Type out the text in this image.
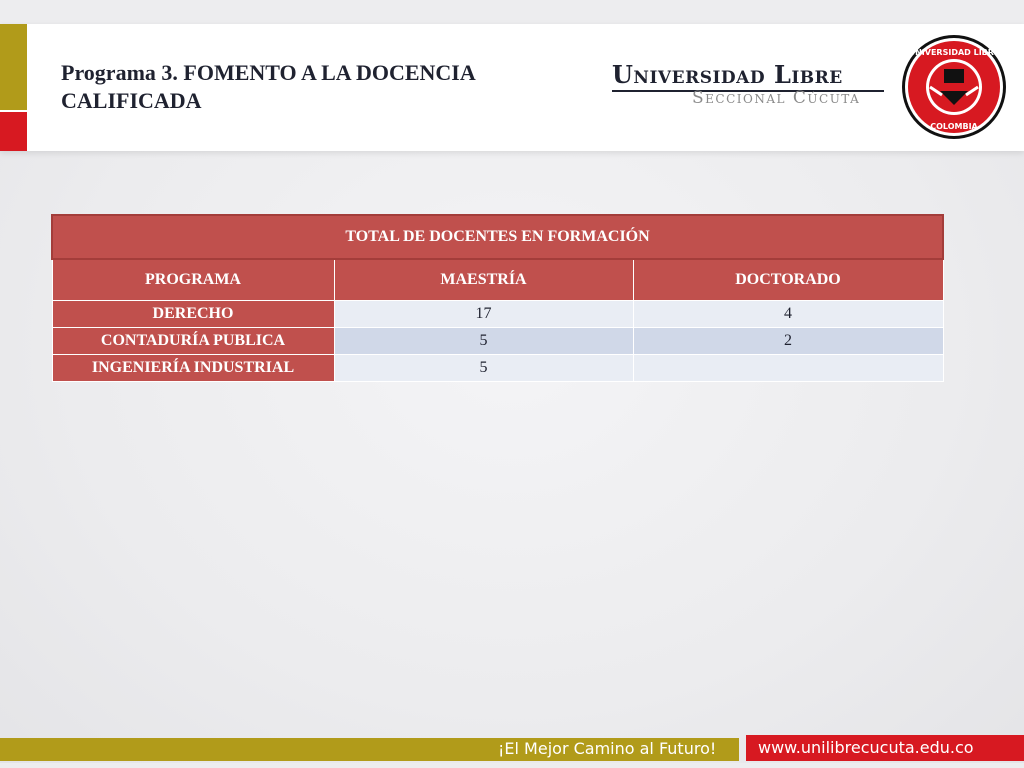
Programa 3. FOMENTO A LA DOCENCIA
CALIFICADA
Universidad Libre
Seccional Cúcuta
UNIVERSIDAD LIBRE
COLOMBIA
TOTAL DE DOCENTES EN FORMACIÓN		
PROGRAMA	MAESTRÍA	DOCTORADO
DERECHO	17	4
CONTADURÍA PUBLICA	5	2
INGENIERÍA INDUSTRIAL	5	
¡El Mejor Camino al Futuro!	www.unilibrecucuta.edu.co
